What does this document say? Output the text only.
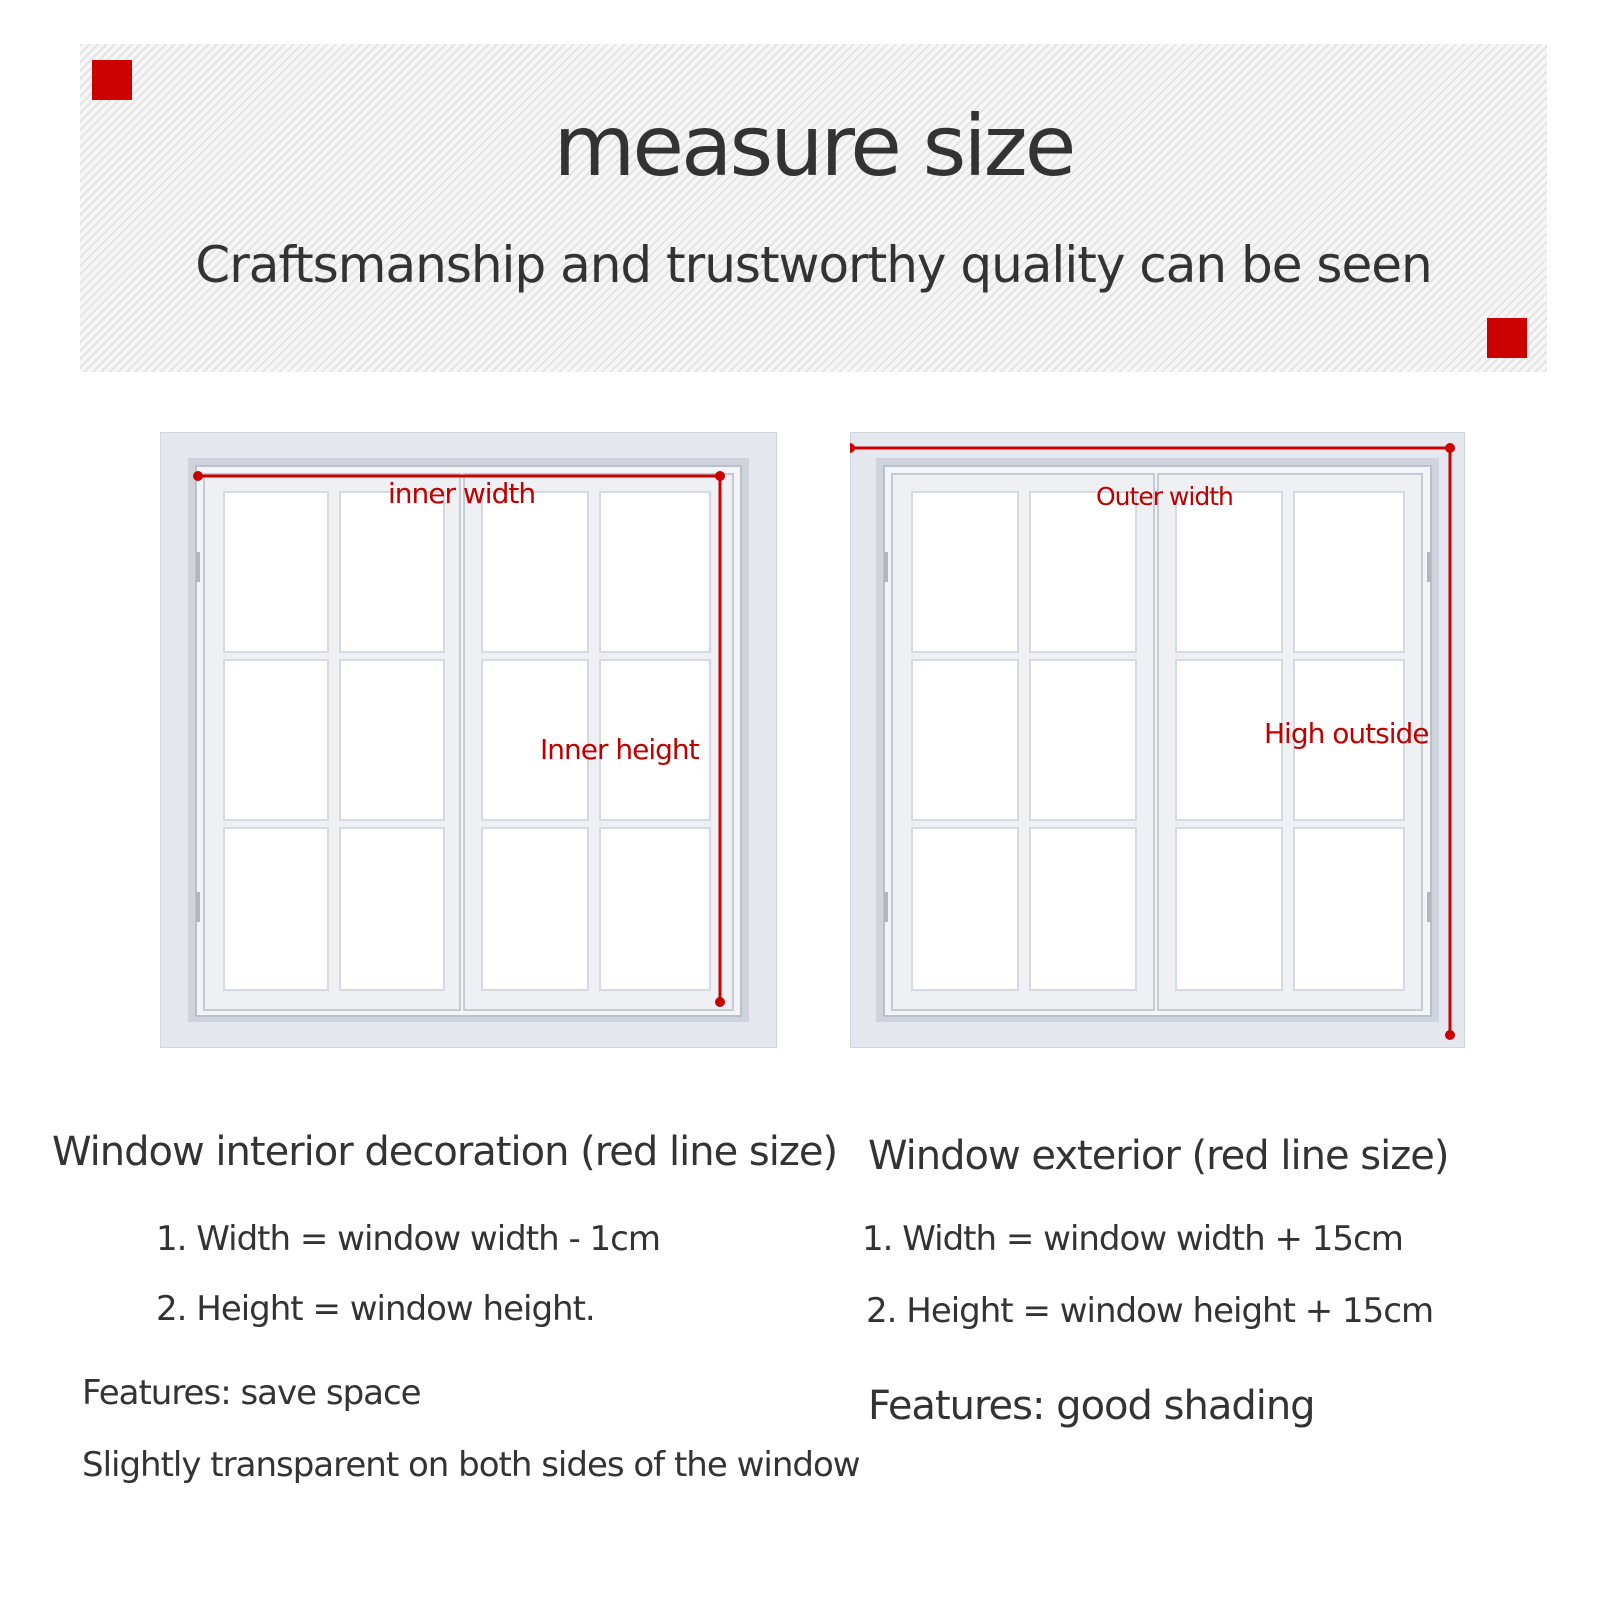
measure size
Craftsmanship and trustworthy quality can be seen
inner width
Inner height
Outer width
High outside
Window interior decoration (red line size)
1. Width = window width - 1cm
2. Height = window height.
Features: save space
Slightly transparent on both sides of the window
Window exterior (red line size)
1. Width = window width + 15cm
2. Height = window height + 15cm
Features: good shading
